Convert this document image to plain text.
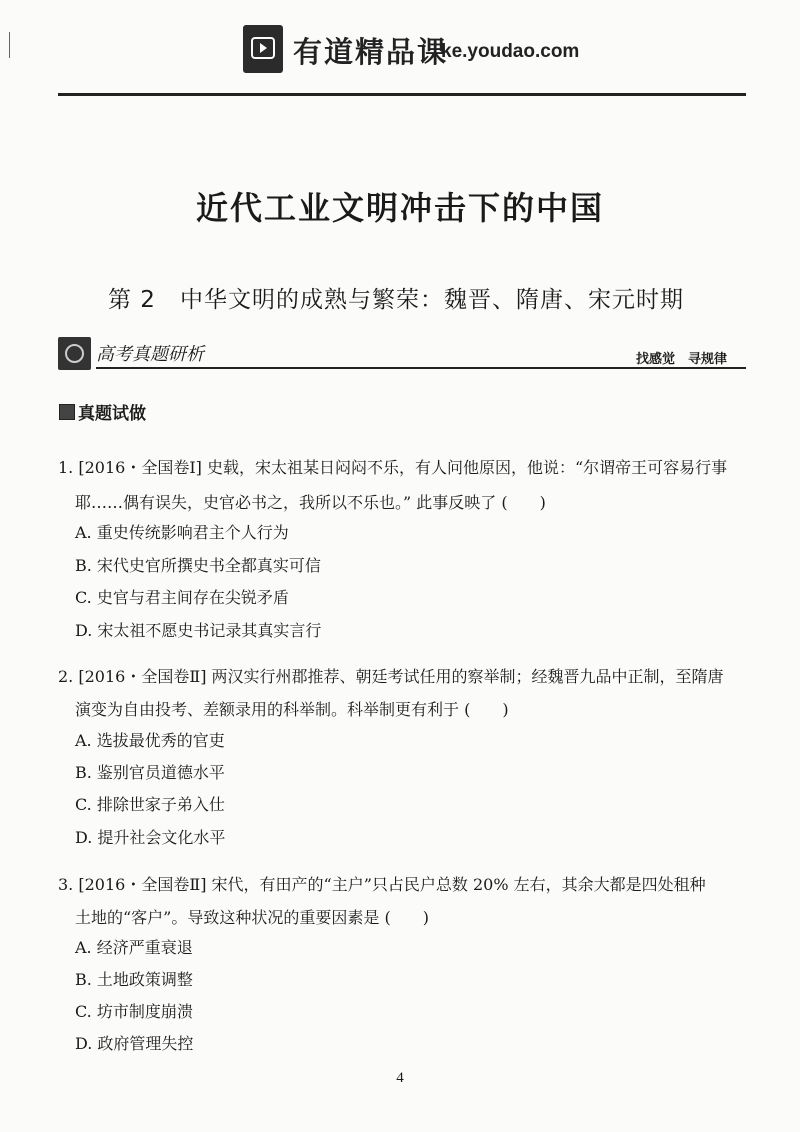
有道精品课
ke.youdao.com
近代工业文明冲击下的中国
第 2　中华文明的成熟与繁荣：魏晋、隋唐、宋元时期
高考真题研析	找感觉　寻规律
真题试做
1. [2016・全国卷Ⅰ] 史载，宋太祖某日闷闷不乐，有人问他原因，他说：“尔谓帝王可容易行事
耶……偶有误失，史官必书之，我所以不乐也。” 此事反映了 (　　)
A. 重史传统影响君主个人行为
B. 宋代史官所撰史书全都真实可信
C. 史官与君主间存在尖锐矛盾
D. 宋太祖不愿史书记录其真实言行
2. [2016・全国卷Ⅱ] 两汉实行州郡推荐、朝廷考试任用的察举制；经魏晋九品中正制，至隋唐
演变为自由投考、差额录用的科举制。科举制更有利于 (　　)
A. 选拔最优秀的官吏
B. 鉴别官员道德水平
C. 排除世家子弟入仕
D. 提升社会文化水平
3. [2016・全国卷Ⅱ] 宋代，有田产的“主户”只占民户总数 20% 左右，其余大都是四处租种
土地的“客户”。导致这种状况的重要因素是 (　　)
A. 经济严重衰退
B. 土地政策调整
C. 坊市制度崩溃
D. 政府管理失控
4
